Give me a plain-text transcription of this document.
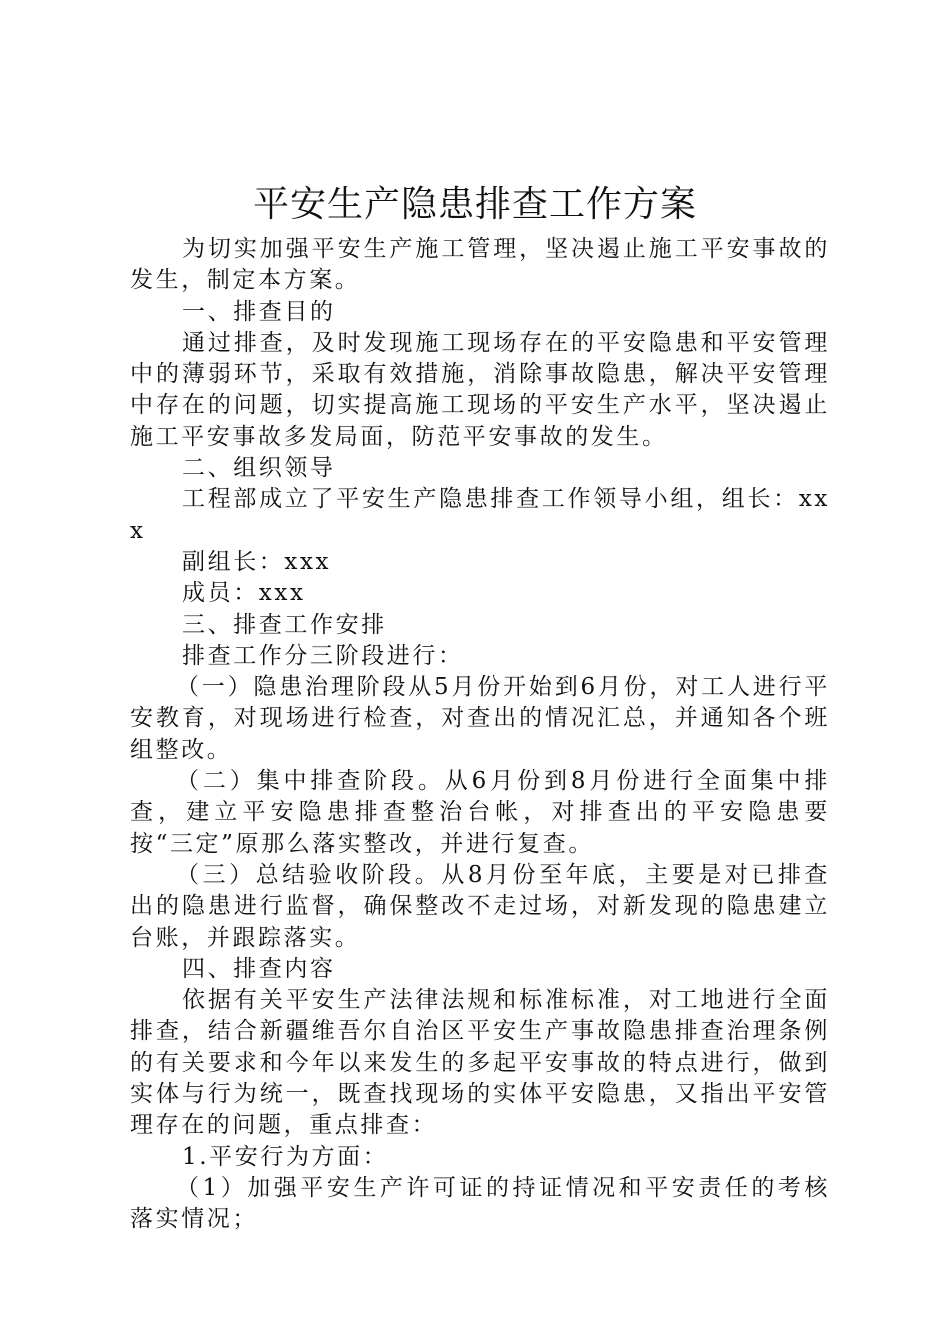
平安生产隐患排查工作方案

为切实加强平安生产施工管理，坚决遏止施工平安事故的发生，制定本方案。

一、排查目的

通过排查，及时发现施工现场存在的平安隐患和平安管理中的薄弱环节，采取有效措施，消除事故隐患，解决平安管理中存在的问题，切实提高施工现场的平安生产水平，坚决遏止施工平安事故多发局面，防范平安事故的发生。

二、组织领导

工程部成立了平安生产隐患排查工作领导小组，组长：xxx

副组长：xxx

成员：xxx

三、排查工作安排

排查工作分三阶段进行：

（一）隐患治理阶段从5月份开始到6月份，对工人进行平安教育，对现场进行检查，对查出的情况汇总，并通知各个班组整改。

（二）集中排查阶段。从6月份到8月份进行全面集中排查，建立平安隐患排查整治台帐，对排查出的平安隐患要按“三定”原那么落实整改，并进行复查。

（三）总结验收阶段。从8月份至年底，主要是对已排查出的隐患进行监督，确保整改不走过场，对新发现的隐患建立台账，并跟踪落实。

四、排查内容

依据有关平安生产法律法规和标准标准，对工地进行全面排查，结合新疆维吾尔自治区平安生产事故隐患排查治理条例的有关要求和今年以来发生的多起平安事故的特点进行，做到实体与行为统一，既查找现场的实体平安隐患，又指出平安管理存在的问题，重点排查：

1.平安行为方面：

（1）加强平安生产许可证的持证情况和平安责任的考核落实情况；
